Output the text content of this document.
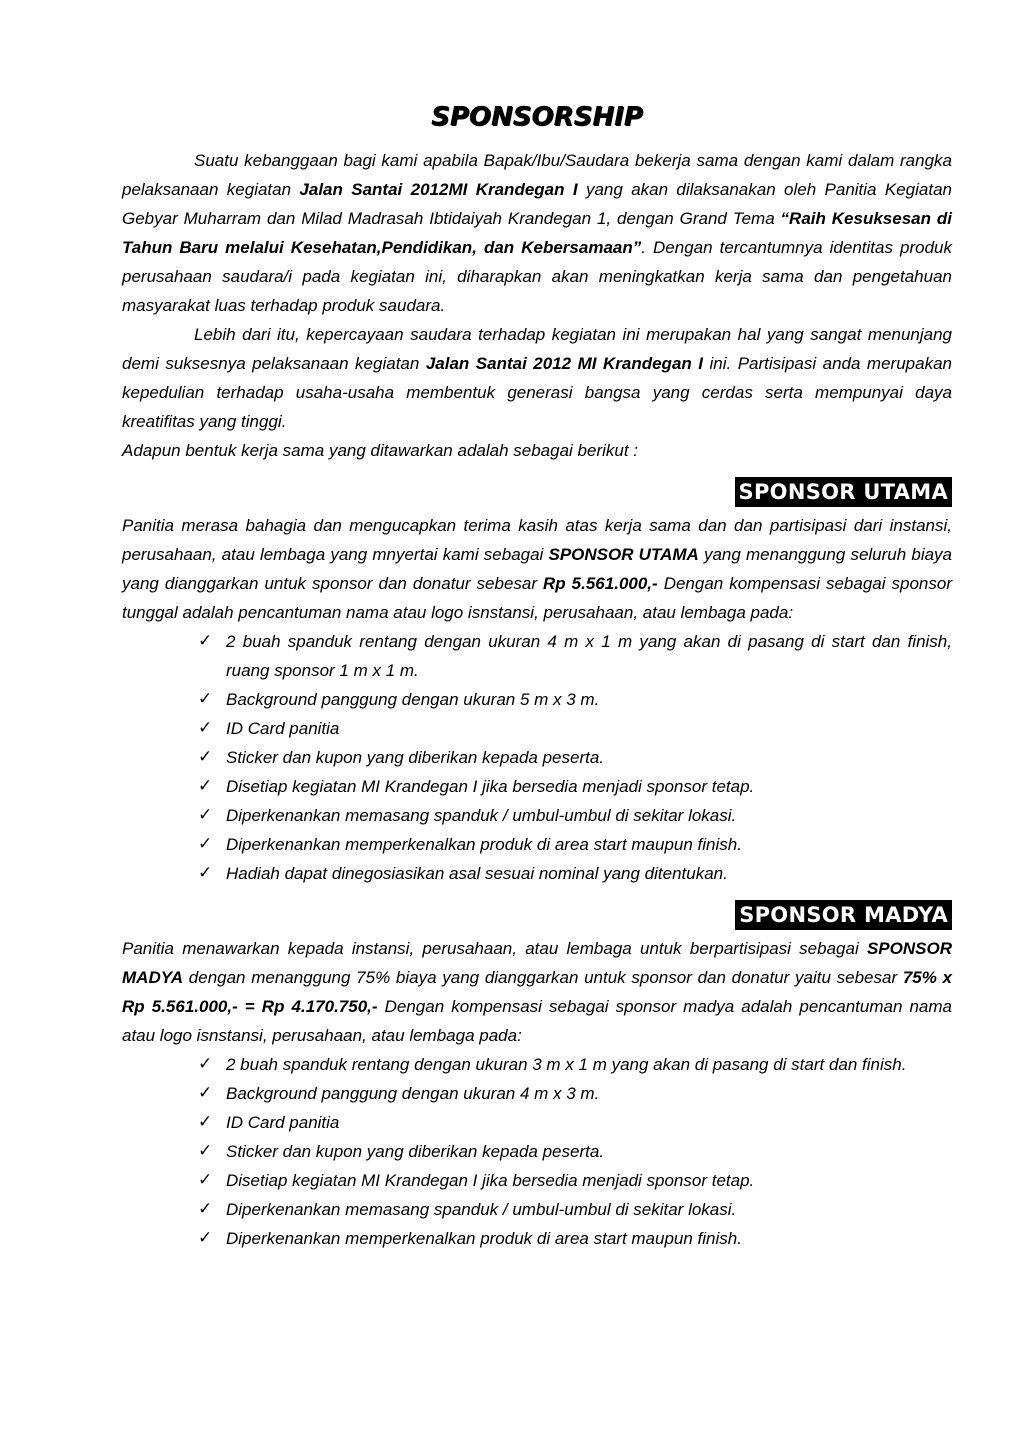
SPONSORSHIP

Suatu kebanggaan bagi kami apabila Bapak/Ibu/Saudara bekerja sama dengan kami dalam rangka pelaksanaan kegiatan Jalan Santai 2012MI Krandegan I yang akan dilaksanakan oleh Panitia Kegiatan Gebyar Muharram dan Milad Madrasah Ibtidaiyah Krandegan 1, dengan Grand Tema “Raih Kesuksesan di Tahun Baru melalui Kesehatan,Pendidikan, dan Kebersamaan”. Dengan tercantumnya identitas produk perusahaan saudara/i pada kegiatan ini, diharapkan akan meningkatkan kerja sama dan pengetahuan masyarakat luas terhadap produk saudara.

Lebih dari itu, kepercayaan saudara terhadap kegiatan ini merupakan hal yang sangat menunjang demi suksesnya pelaksanaan kegiatan Jalan Santai 2012 MI Krandegan I ini. Partisipasi anda merupakan kepedulian terhadap usaha-usaha membentuk generasi bangsa yang cerdas serta mempunyai daya kreatifitas yang tinggi.

Adapun bentuk kerja sama yang ditawarkan adalah sebagai berikut :

SPONSOR UTAMA

Panitia merasa bahagia dan mengucapkan terima kasih atas kerja sama dan dan partisipasi dari instansi, perusahaan, atau lembaga yang mnyertai kami sebagai SPONSOR UTAMA yang menanggung seluruh biaya yang dianggarkan untuk sponsor dan donatur sebesar Rp 5.561.000,- Dengan kompensasi sebagai sponsor tunggal adalah pencantuman nama atau logo isnstansi, perusahaan, atau lembaga pada:

✓ 2 buah spanduk rentang dengan ukuran 4 m x 1 m yang akan di pasang di start dan finish, ruang sponsor 1 m x 1 m.
✓ Background panggung dengan ukuran 5 m x 3 m.
✓ ID Card panitia
✓ Sticker dan kupon yang diberikan kepada peserta.
✓ Disetiap kegiatan MI Krandegan I jika bersedia menjadi sponsor tetap.
✓ Diperkenankan memasang spanduk / umbul-umbul di sekitar lokasi.
✓ Diperkenankan memperkenalkan produk di area start maupun finish.
✓ Hadiah dapat dinegosiasikan asal sesuai nominal yang ditentukan.
SPONSOR MADYA

Panitia menawarkan kepada instansi, perusahaan, atau lembaga untuk berpartisipasi sebagai SPONSOR MADYA dengan menanggung 75% biaya yang dianggarkan untuk sponsor dan donatur yaitu sebesar 75% x Rp 5.561.000,- = Rp 4.170.750,- Dengan kompensasi sebagai sponsor madya adalah pencantuman nama atau logo isnstansi, perusahaan, atau lembaga pada:

✓ 2 buah spanduk rentang dengan ukuran 3 m x 1 m yang akan di pasang di start dan finish.
✓ Background panggung dengan ukuran 4 m x 3 m.
✓ ID Card panitia
✓ Sticker dan kupon yang diberikan kepada peserta.
✓ Disetiap kegiatan MI Krandegan I jika bersedia menjadi sponsor tetap.
✓ Diperkenankan memasang spanduk / umbul-umbul di sekitar lokasi.
✓ Diperkenankan memperkenalkan produk di area start maupun finish.
